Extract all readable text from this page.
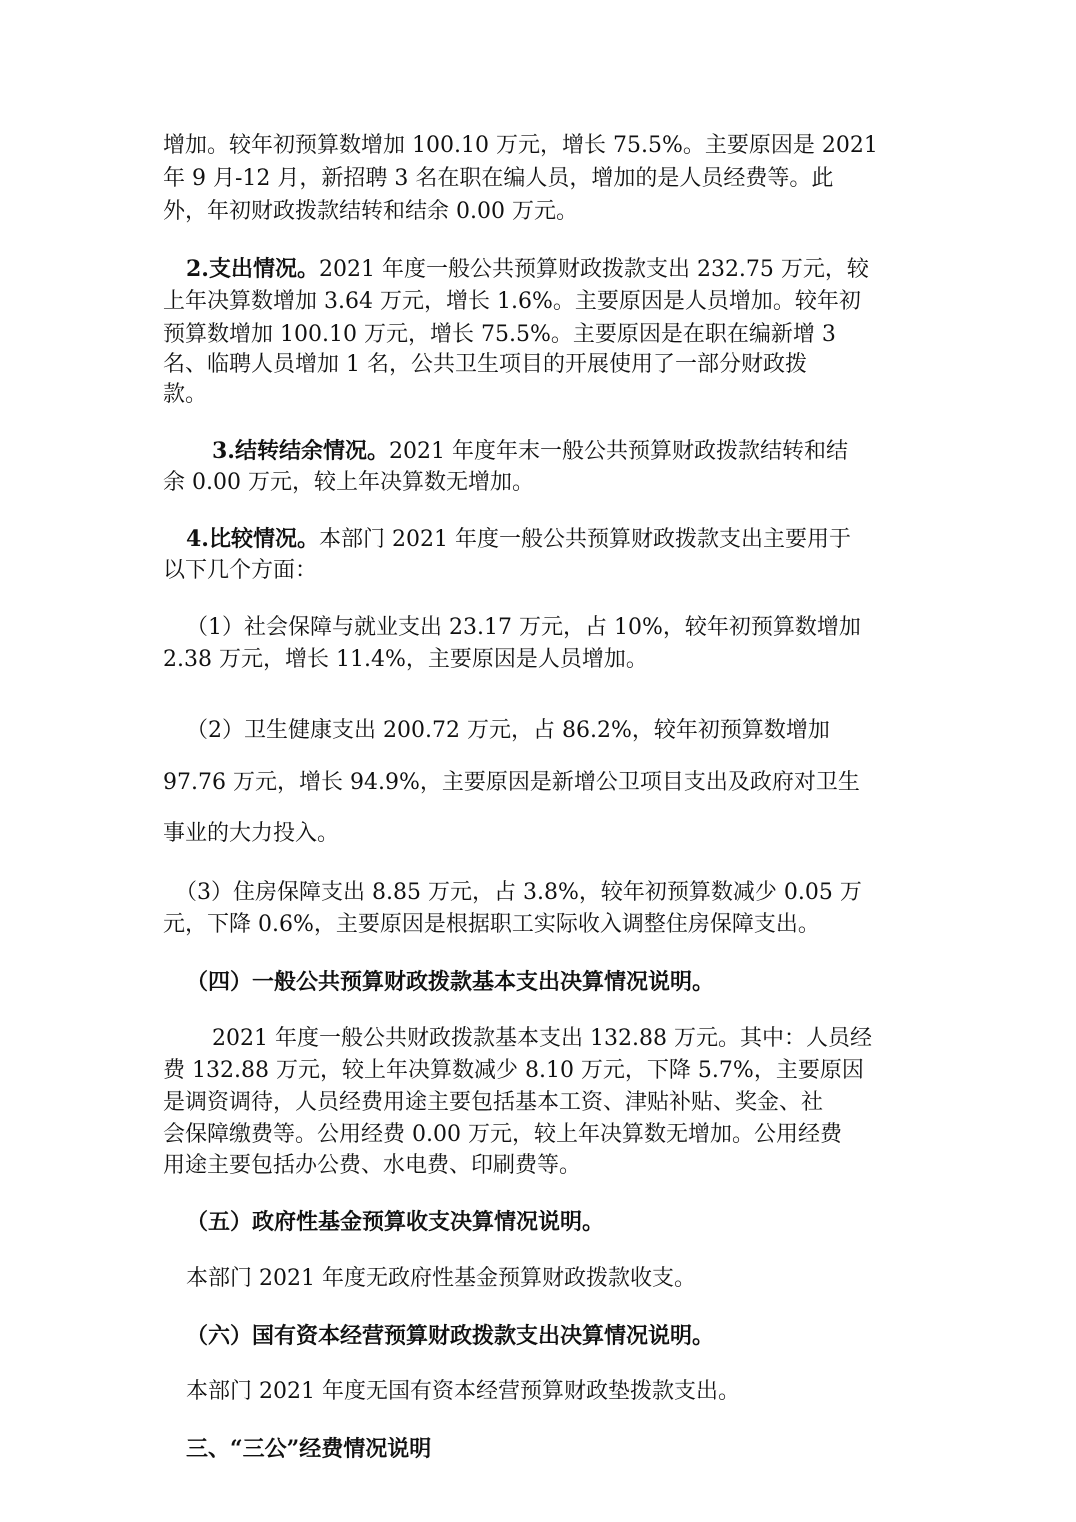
增加。较年初预算数增加 100.10 万元，增长 75.5%。主要原因是 2021
年 9 月-12 月，新招聘 3 名在职在编人员，增加的是人员经费等。此
外，年初财政拨款结转和结余 0.00 万元。
2.支出情况。2021 年度一般公共预算财政拨款支出 232.75 万元，较
上年决算数增加 3.64 万元，增长 1.6%。主要原因是人员增加。较年初
预算数增加 100.10 万元，增长 75.5%。主要原因是在职在编新增 3
名、临聘人员增加 1 名，公共卫生项目的开展使用了一部分财政拨
款。
3.结转结余情况。2021 年度年末一般公共预算财政拨款结转和结
余 0.00 万元，较上年决算数无增加。
4.比较情况。本部门 2021 年度一般公共预算财政拨款支出主要用于
以下几个方面：
（1）社会保障与就业支出 23.17 万元，占 10%，较年初预算数增加
2.38 万元，增长 11.4%，主要原因是人员增加。
（2）卫生健康支出 200.72 万元，占 86.2%，较年初预算数增加
97.76 万元，增长 94.9%，主要原因是新增公卫项目支出及政府对卫生
事业的大力投入。
（3）住房保障支出 8.85 万元，占 3.8%，较年初预算数减少 0.05 万
元，下降 0.6%，主要原因是根据职工实际收入调整住房保障支出。
（四）一般公共预算财政拨款基本支出决算情况说明。
2021 年度一般公共财政拨款基本支出 132.88 万元。其中：人员经
费 132.88 万元，较上年决算数减少 8.10 万元，下降 5.7%，主要原因
是调资调待，人员经费用途主要包括基本工资、津贴补贴、奖金、社
会保障缴费等。公用经费 0.00 万元，较上年决算数无增加。公用经费
用途主要包括办公费、水电费、印刷费等。
（五）政府性基金预算收支决算情况说明。
本部门 2021 年度无政府性基金预算财政拨款收支。
（六）国有资本经营预算财政拨款支出决算情况说明。
本部门 2021 年度无国有资本经营预算财政垫拨款支出。
三、“三公”经费情况说明
